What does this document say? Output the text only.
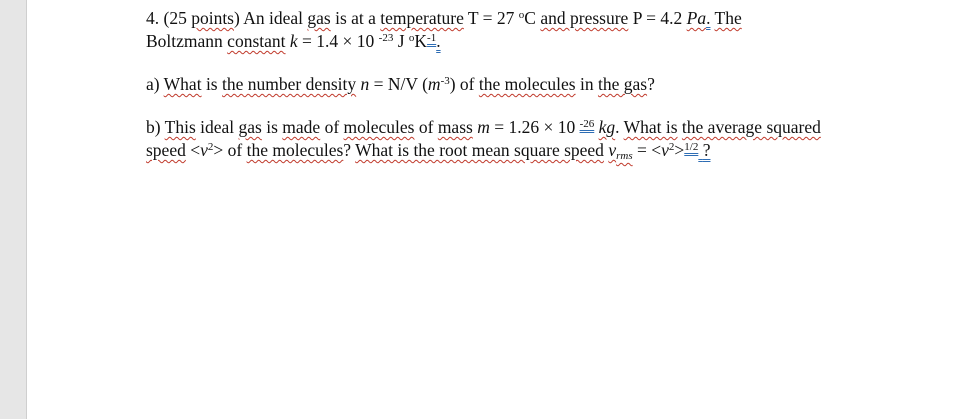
4. (25 points) An ideal gas is at a temperature T = 27 $^o$C and pressure P = 4.2 Pa. The
Boltzmann constant k = 1.4 × 10 $^{-23}$ J $^oK^{-1}$.

a) What is the number density n = N/V $(m^{-3})$ of the molecules in the gas?

b) This ideal gas is made of molecules of mass m = 1.26 × 10 $^{-26}$ kg. What is the average squared
speed $<v^2>$ of the molecules? What is the root mean square speed $v_{rms} = <v^2>^{1/2}$ ?
